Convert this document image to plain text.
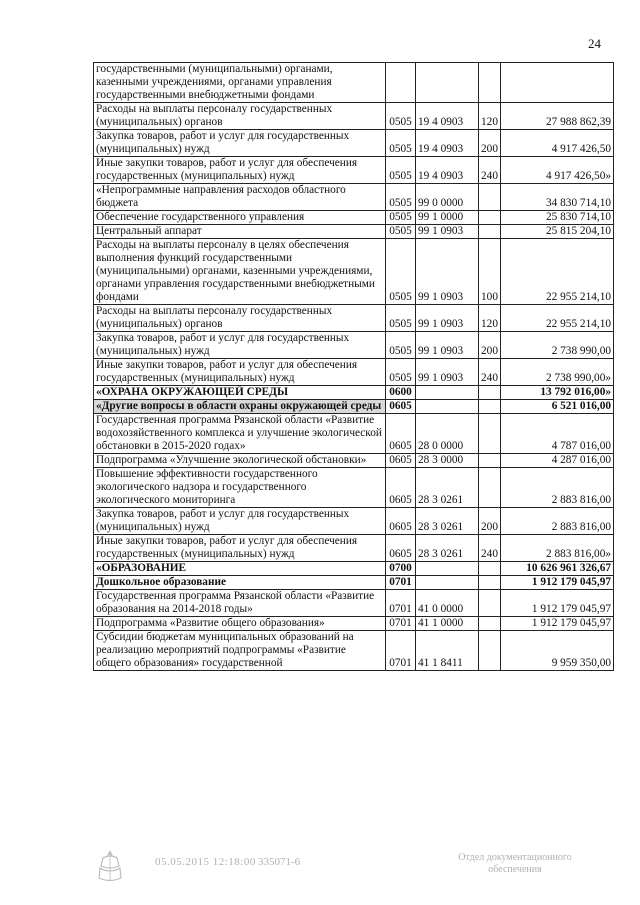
24
государственными (муниципальными) органами, казенными учреждениями, органами управления государственными внебюджетными фондами				
Расходы на выплаты персоналу государственных (муниципальных) органов	0505	19 4 0903	120	27 988 862,39
Закупка товаров, работ и услуг для государственных (муниципальных) нужд	0505	19 4 0903	200	4 917 426,50
Иные закупки товаров, работ и услуг для обеспечения государственных (муниципальных) нужд	0505	19 4 0903	240	4 917 426,50»
«Непрограммные направления расходов областного бюджета	0505	99 0 0000		34 830 714,10
Обеспечение государственного управления	0505	99 1 0000		25 830 714,10
Центральный аппарат	0505	99 1 0903		25 815 204,10
Расходы на выплаты персоналу в целях обеспечения выполнения функций государственными (муниципальными) органами, казенными учреждениями, органами управления государственными внебюджетными фондами	0505	99 1 0903	100	22 955 214,10
Расходы на выплаты персоналу государственных (муниципальных) органов	0505	99 1 0903	120	22 955 214,10
Закупка товаров, работ и услуг для государственных (муниципальных) нужд	0505	99 1 0903	200	2 738 990,00
Иные закупки товаров, работ и услуг для обеспечения государственных (муниципальных) нужд	0505	99 1 0903	240	2 738 990,00»
«ОХРАНА ОКРУЖАЮЩЕЙ СРЕДЫ	0600			13 792 016,00»
«Другие вопросы в области охраны окружающей среды	0605			6 521 016,00
Государственная программа Рязанской области «Развитие водохозяйственного комплекса и улучшение экологической обстановки в 2015-2020 годах»	0605	28 0 0000		4 787 016,00
Подпрограмма «Улучшение экологической обстановки»	0605	28 3 0000		4 287 016,00
Повышение эффективности государственного экологического надзора и государственного экологического мониторинга	0605	28 3 0261		2 883 816,00
Закупка товаров, работ и услуг для государственных (муниципальных) нужд	0605	28 3 0261	200	2 883 816,00
Иные закупки товаров, работ и услуг для обеспечения государственных (муниципальных) нужд	0605	28 3 0261	240	2 883 816,00»
«ОБРАЗОВАНИЕ	0700			10 626 961 326,67
Дошкольное образование	0701			1 912 179 045,97
Государственная программа Рязанской области «Развитие образования на 2014-2018 годы»	0701	41 0 0000		1 912 179 045,97
Подпрограмма «Развитие общего образования»	0701	41 1 0000		1 912 179 045,97
Субсидии бюджетам муниципальных образований на реализацию мероприятий подпрограммы «Развитие общего образования» государственной	0701	41 1 8411		9 959 350,00
05.05.2015 12:18:00 335071-6	Отдел документационного обеспечения
